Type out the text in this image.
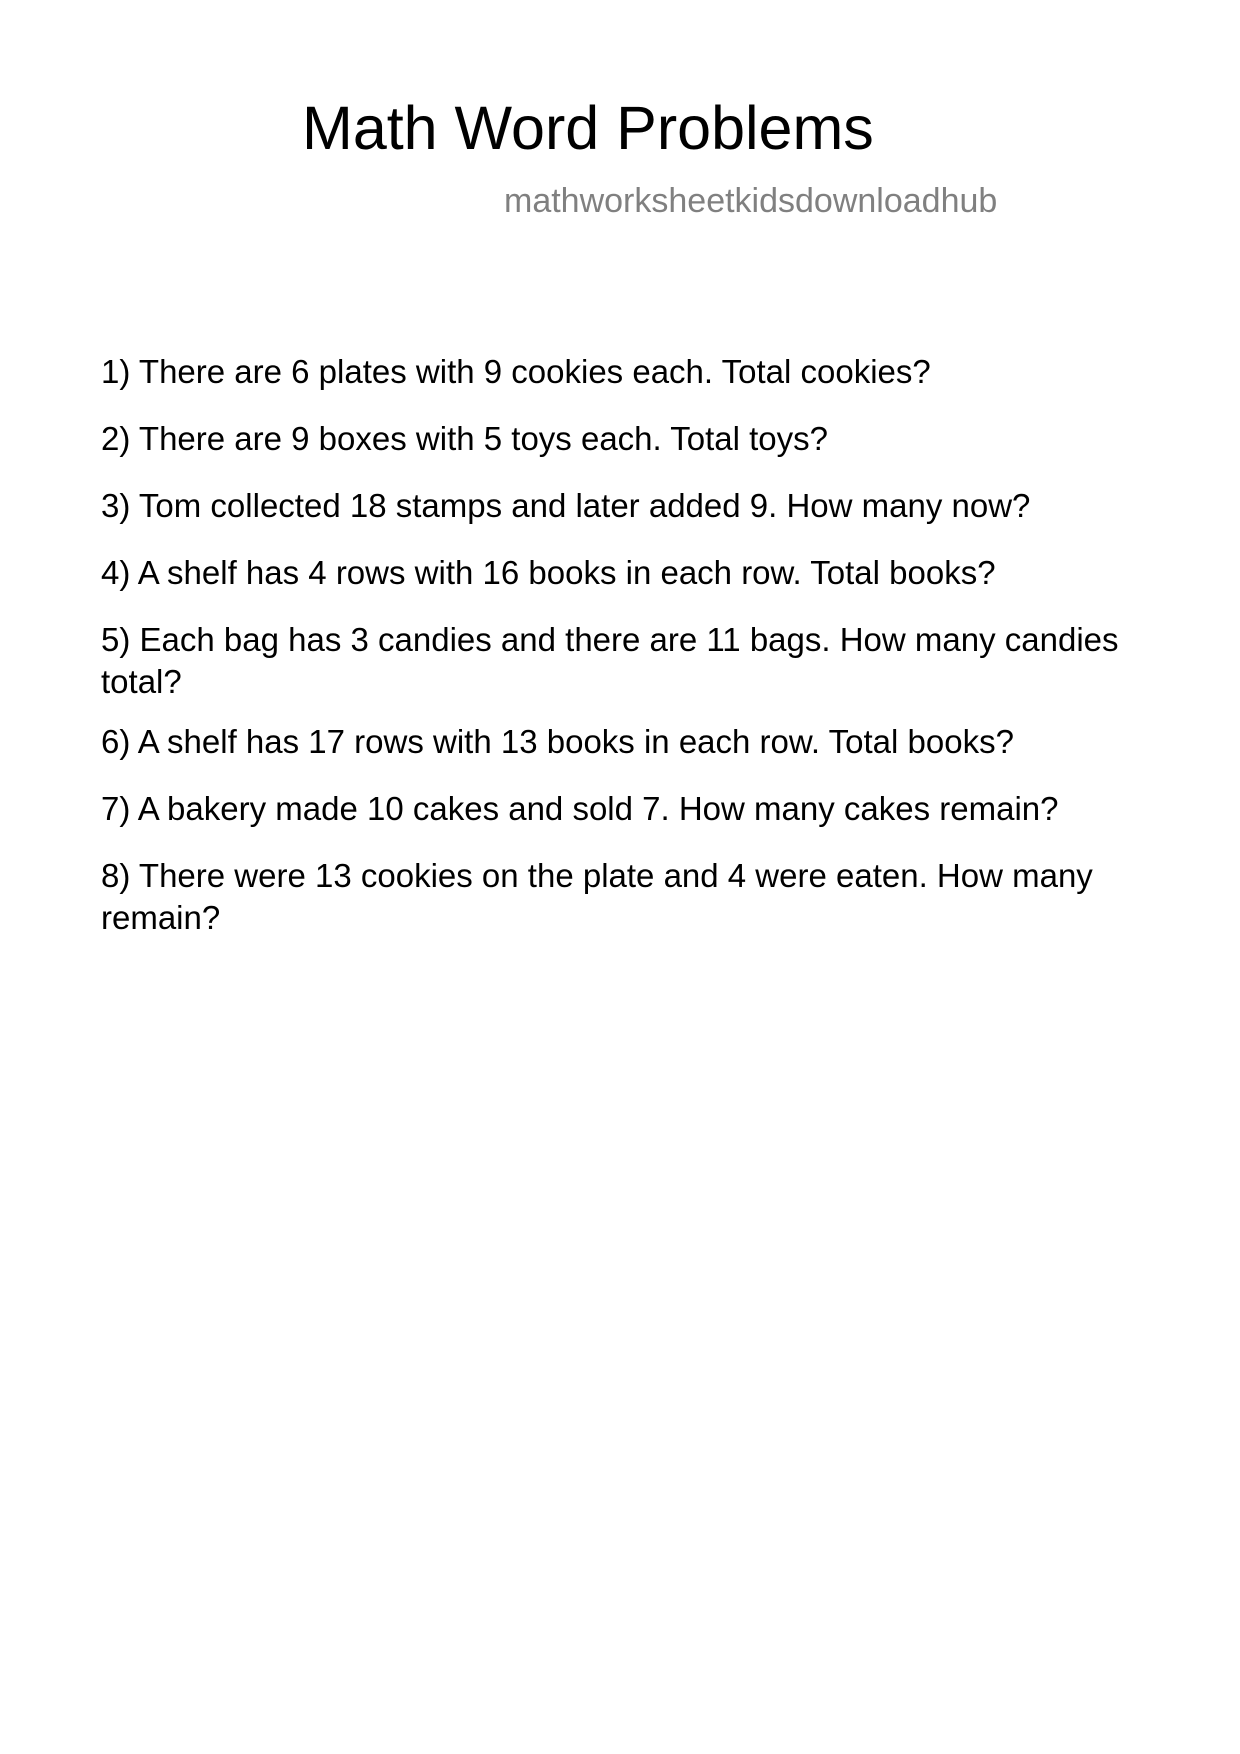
Math Word Problems
mathworksheetkidsdownloadhub
1) There are 6 plates with 9 cookies each. Total cookies?
2) There are 9 boxes with 5 toys each. Total toys?
3) Tom collected 18 stamps and later added 9. How many now?
4) A shelf has 4 rows with 16 books in each row. Total books?
5) Each bag has 3 candies and there are 11 bags. How many candies total?
6) A shelf has 17 rows with 13 books in each row. Total books?
7) A bakery made 10 cakes and sold 7. How many cakes remain?
8) There were 13 cookies on the plate and 4 were eaten. How many remain?
